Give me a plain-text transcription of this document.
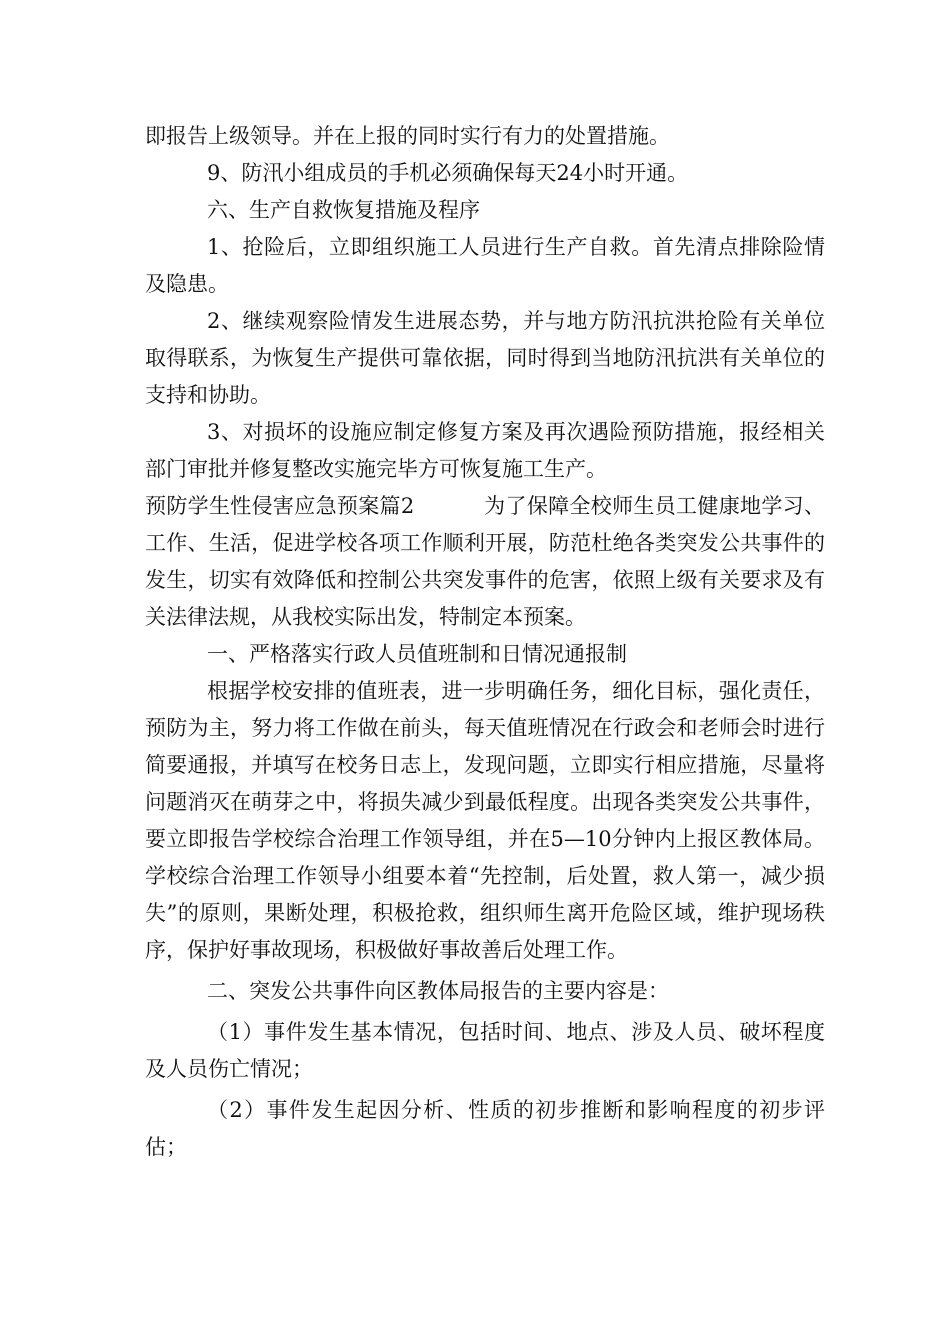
即报告上级领导。并在上报的同时实行有力的处置措施。

9、防汛小组成员的手机必须确保每天24小时开通。

六、生产自救恢复措施及程序

1、抢险后，立即组织施工人员进行生产自救。首先清点排除险情及隐患。

2、继续观察险情发生进展态势，并与地方防汛抗洪抢险有关单位取得联系，为恢复生产提供可靠依据，同时得到当地防汛抗洪有关单位的支持和协助。

3、对损坏的设施应制定修复方案及再次遇险预防措施，报经相关部门审批并修复整改实施完毕方可恢复施工生产。

预防学生性侵害应急预案篇2          为了保障全校师生员工健康地学习、工作、生活，促进学校各项工作顺利开展，防范杜绝各类突发公共事件的发生，切实有效降低和控制公共突发事件的危害，依照上级有关要求及有关法律法规，从我校实际出发，特制定本预案。

一、严格落实行政人员值班制和日情况通报制

根据学校安排的值班表，进一步明确任务，细化目标，强化责任，预防为主，努力将工作做在前头，每天值班情况在行政会和老师会时进行简要通报，并填写在校务日志上，发现问题，立即实行相应措施，尽量将问题消灭在萌芽之中，将损失减少到最低程度。出现各类突发公共事件，要立即报告学校综合治理工作领导组，并在5—10分钟内上报区教体局。学校综合治理工作领导小组要本着“先控制，后处置，救人第一，减少损失”的原则，果断处理，积极抢救，组织师生离开危险区域，维护现场秩序，保护好事故现场，积极做好事故善后处理工作。

二、突发公共事件向区教体局报告的主要内容是：

（1）事件发生基本情况，包括时间、地点、涉及人员、破坏程度及人员伤亡情况；

（2）事件发生起因分析、性质的初步推断和影响程度的初步评估；
